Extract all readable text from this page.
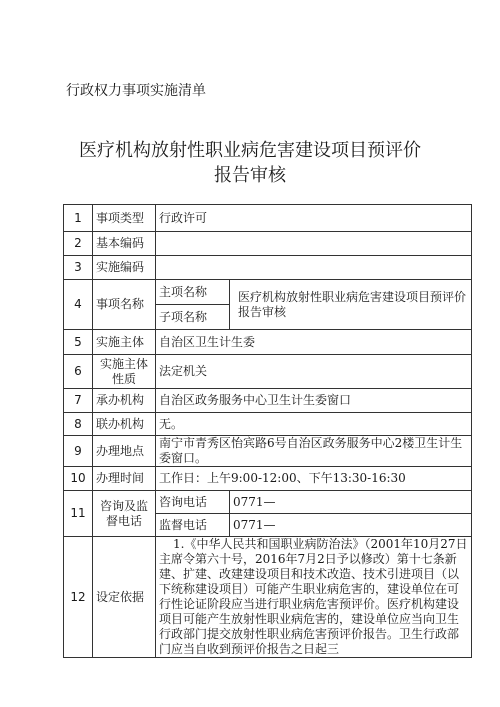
行政权力事项实施清单
医疗机构放射性职业病危害建设项目预评价
报告审核
1	事项类型	行政许可	
2	基本编码		
3	实施编码		
4	事项名称	主项名称	医疗机构放射性职业病危害建设项目预评价报告审核
		子项名称	
5	实施主体	自治区卫生计生委	
6	实施主体性质	法定机关	
7	承办机构	自治区政务服务中心卫生计生委窗口	
8	联办机构	无。	
9	办理地点	南宁市青秀区怡宾路6号自治区政务服务中心2楼卫生计生委窗口。	
10	办理时间	工作日：上午9:00-12:00、下午13:30-16:30	
11	咨询及监督电话	咨询电话	0771—
		监督电话	0771—
12	设定依据	1.《中华人民共和国职业病防治法》（2001年10月27日主席令第六十号，2016年7月2日予以修改）第十七条新建、扩建、改建建设项目和技术改造、技术引进项目（以下统称建设项目）可能产生职业病危害的，建设单位在可行性论证阶段应当进行职业病危害预评价。医疗机构建设项目可能产生放射性职业病危害的，建设单位应当向卫生行政部门提交放射性职业病危害预评价报告。卫生行政部门应当自收到预评价报告之日起三	
